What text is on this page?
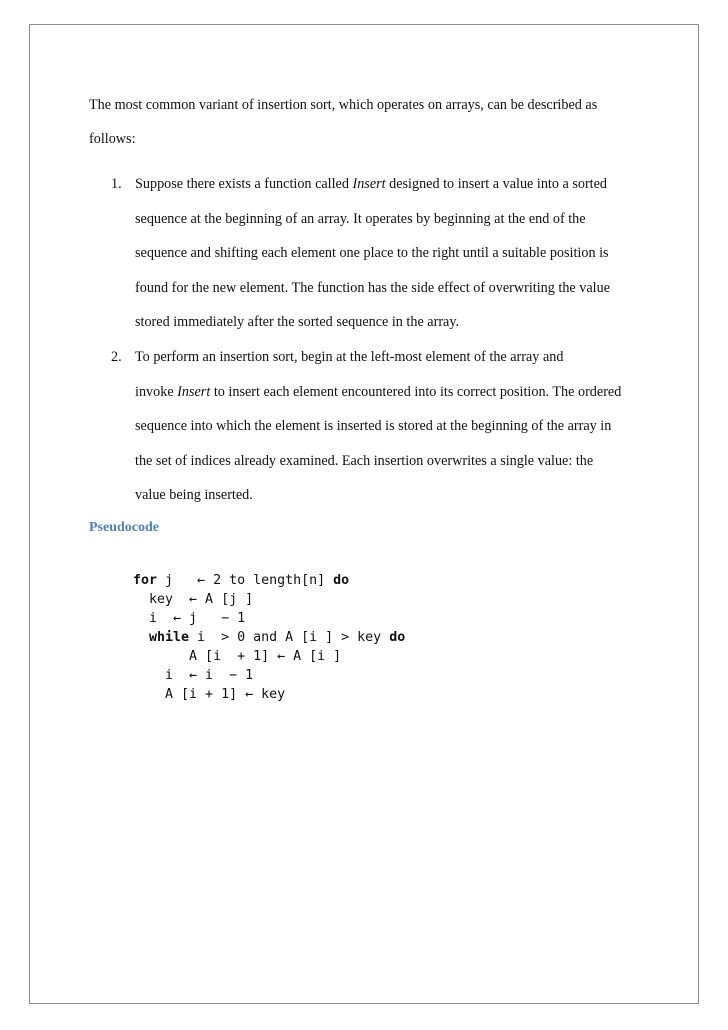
The most common variant of insertion sort, which operates on arrays, can be described as
follows:
1. Suppose there exists a function called Insert designed to insert a value into a sorted
sequence at the beginning of an array. It operates by beginning at the end of the
sequence and shifting each element one place to the right until a suitable position is
found for the new element. The function has the side effect of overwriting the value
stored immediately after the sorted sequence in the array.
2. To perform an insertion sort, begin at the left-most element of the array and
invoke Insert to insert each element encountered into its correct position. The ordered
sequence into which the element is inserted is stored at the beginning of the array in
the set of indices already examined. Each insertion overwrites a single value: the
value being inserted.
Pseudocode
for j   ← 2 to length[n] do
key  ← A [j ]
i  ← j   − 1
while i  > 0 and A [i ] > key do
A [i  + 1] ← A [i ]
i  ← i  − 1
A [i + 1] ← key
